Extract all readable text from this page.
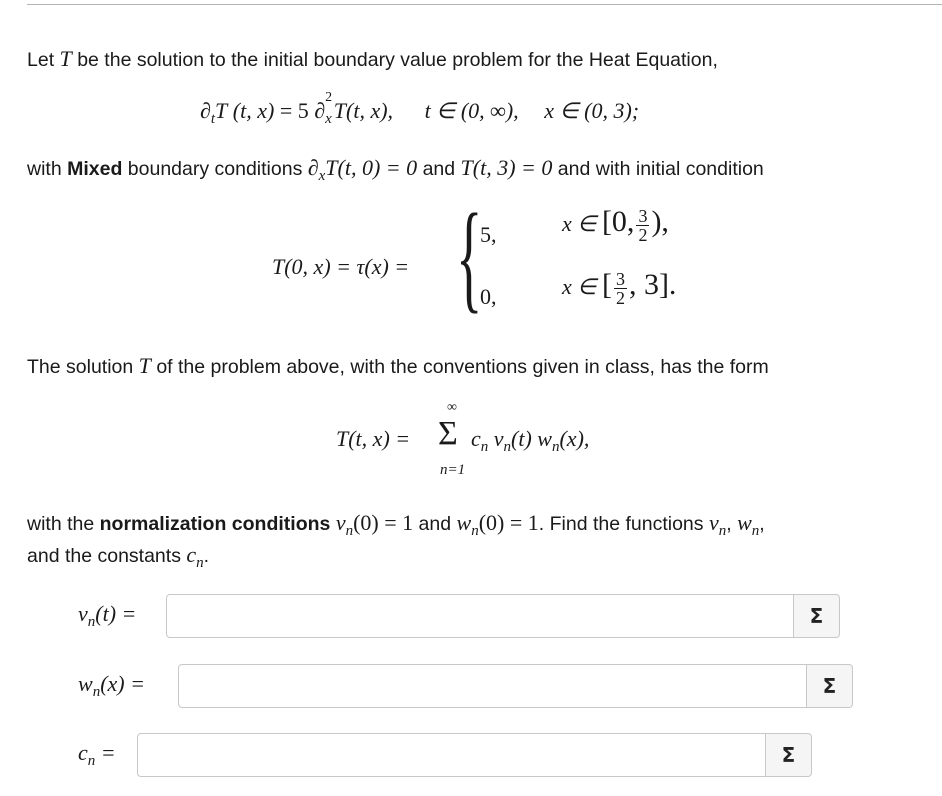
Let T be the solution to the initial boundary value problem for the Heat Equation,
$\partial_tT$ (t, x) = 5 ∂
2
$_x$T(t, x), t ∈ (0, ∞), x ∈ (0, 3);
with Mixed boundary conditions $\partial_xT(t$, 0) = 0 and T(t, 3) = 0 and with initial condition
T(0, x) = τ(x) = {
5,	x ∈ [0, $\frac{3}{2}$ ),
0,	x ∈ [ $\frac{3}{2}$ , 3].
The solution T of the problem above, with the conventions given in class, has the form
T(t, x) =
∞
Σ
n=1
$c_n$ $v_n(t)$ $w_n(x)$,
with the normalization conditions $v_n(0) = 1$ and $w_n(0) = 1$. Find the functions $v_n$, $w_n$,
and the constants $c_n$.
$v_n(t)$ =	Σ
$w_n(x)$ =	Σ
$c_n$ =	Σ
